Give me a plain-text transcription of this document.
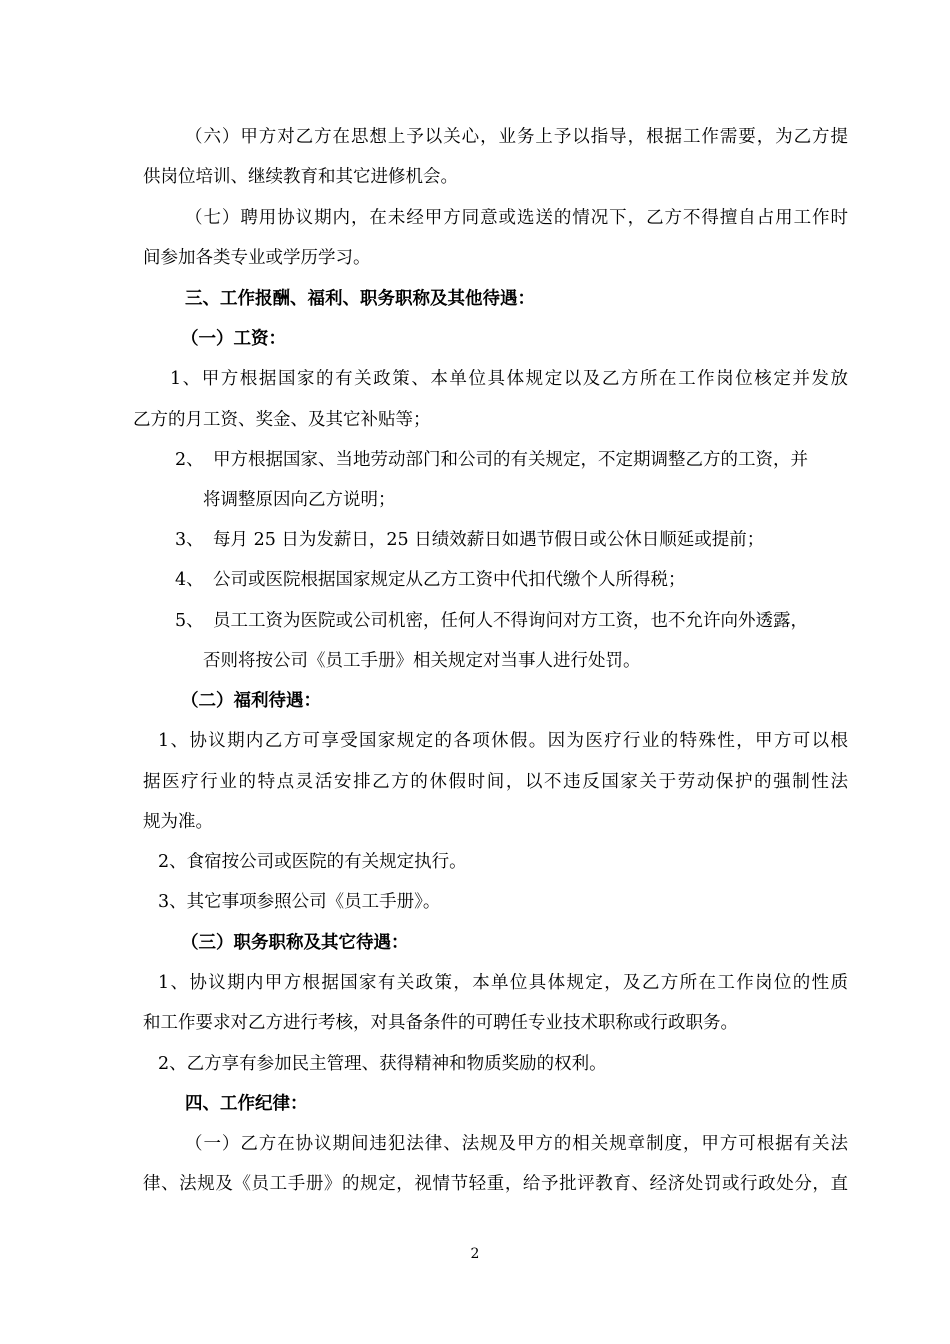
（六）甲方对乙方在思想上予以关心，业务上予以指导，根据工作需要，为乙方提
供岗位培训、继续教育和其它进修机会。
（七）聘用协议期内，在未经甲方同意或选送的情况下，乙方不得擅自占用工作时
间参加各类专业或学历学习。
三、工作报酬、福利、职务职称及其他待遇：
（一）工资：
1、甲方根据国家的有关政策、本单位具体规定以及乙方所在工作岗位核定并发放
乙方的月工资、奖金、及其它补贴等；
2、 甲方根据国家、当地劳动部门和公司的有关规定，不定期调整乙方的工资，并
将调整原因向乙方说明；
3、 每月 25 日为发薪日，25 日绩效薪日如遇节假日或公休日顺延或提前；
4、 公司或医院根据国家规定从乙方工资中代扣代缴个人所得税；
5、 员工工资为医院或公司机密，任何人不得询问对方工资，也不允许向外透露，
否则将按公司《员工手册》相关规定对当事人进行处罚。
（二）福利待遇：
1、协议期内乙方可享受国家规定的各项休假。因为医疗行业的特殊性，甲方可以根
据医疗行业的特点灵活安排乙方的休假时间，以不违反国家关于劳动保护的强制性法
规为准。
2、食宿按公司或医院的有关规定执行。
3、其它事项参照公司《员工手册》。
（三）职务职称及其它待遇：
1、协议期内甲方根据国家有关政策，本单位具体规定，及乙方所在工作岗位的性质
和工作要求对乙方进行考核，对具备条件的可聘任专业技术职称或行政职务。
2、乙方享有参加民主管理、获得精神和物质奖励的权利。
四、工作纪律：
（一）乙方在协议期间违犯法律、法规及甲方的相关规章制度，甲方可根据有关法
律、法规及《员工手册》的规定，视情节轻重，给予批评教育、经济处罚或行政处分，直
2
